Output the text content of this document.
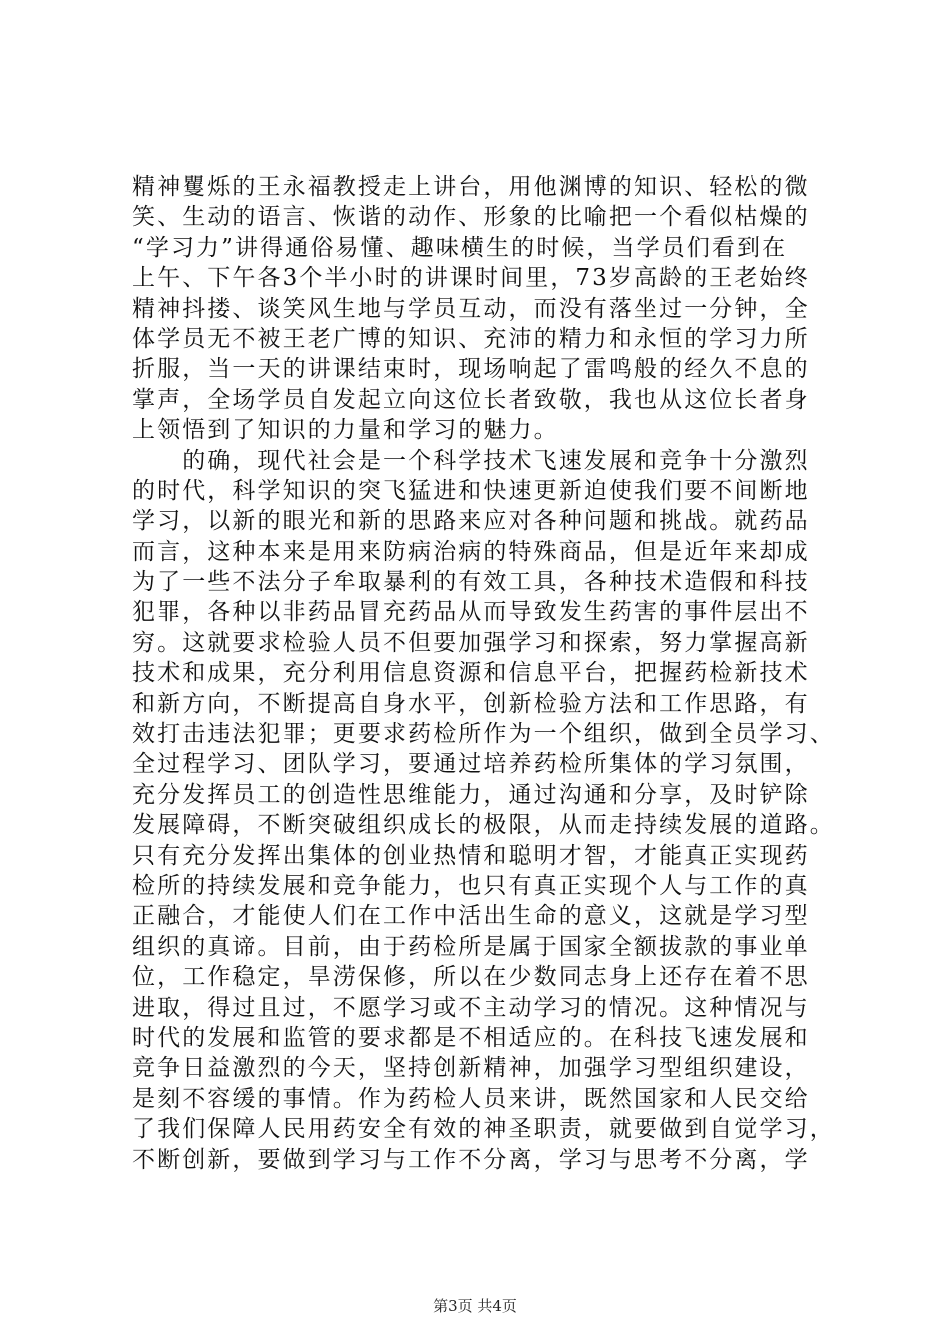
精神矍烁的王永福教授走上讲台，用他渊博的知识、轻松的微
笑、生动的语言、恢谐的动作、形象的比喻把一个看似枯燥的
“学习力”讲得通俗易懂、趣味横生的时候，当学员们看到在
上午、下午各3个半小时的讲课时间里，73岁高龄的王老始终
精神抖搂、谈笑风生地与学员互动，而没有落坐过一分钟，全
体学员无不被王老广博的知识、充沛的精力和永恒的学习力所
折服，当一天的讲课结束时，现场响起了雷鸣般的经久不息的
掌声，全场学员自发起立向这位长者致敬，我也从这位长者身
上领悟到了知识的力量和学习的魅力。
　　的确，现代社会是一个科学技术飞速发展和竞争十分激烈
的时代，科学知识的突飞猛进和快速更新迫使我们要不间断地
学习，以新的眼光和新的思路来应对各种问题和挑战。就药品
而言，这种本来是用来防病治病的特殊商品，但是近年来却成
为了一些不法分子牟取暴利的有效工具，各种技术造假和科技
犯罪，各种以非药品冒充药品从而导致发生药害的事件层出不
穷。这就要求检验人员不但要加强学习和探索，努力掌握高新
技术和成果，充分利用信息资源和信息平台，把握药检新技术
和新方向，不断提高自身水平，创新检验方法和工作思路，有
效打击违法犯罪；更要求药检所作为一个组织，做到全员学习、
全过程学习、团队学习，要通过培养药检所集体的学习氛围，
充分发挥员工的创造性思维能力，通过沟通和分享，及时铲除
发展障碍，不断突破组织成长的极限，从而走持续发展的道路。
只有充分发挥出集体的创业热情和聪明才智，才能真正实现药
检所的持续发展和竞争能力，也只有真正实现个人与工作的真
正融合，才能使人们在工作中活出生命的意义，这就是学习型
组织的真谛。目前，由于药检所是属于国家全额拔款的事业单
位，工作稳定，旱涝保修，所以在少数同志身上还存在着不思
进取，得过且过，不愿学习或不主动学习的情况。这种情况与
时代的发展和监管的要求都是不相适应的。在科技飞速发展和
竞争日益激烈的今天，坚持创新精神，加强学习型组织建设，
是刻不容缓的事情。作为药检人员来讲，既然国家和人民交给
了我们保障人民用药安全有效的神圣职责，就要做到自觉学习，
不断创新，要做到学习与工作不分离，学习与思考不分离，学
第3页 共4页
